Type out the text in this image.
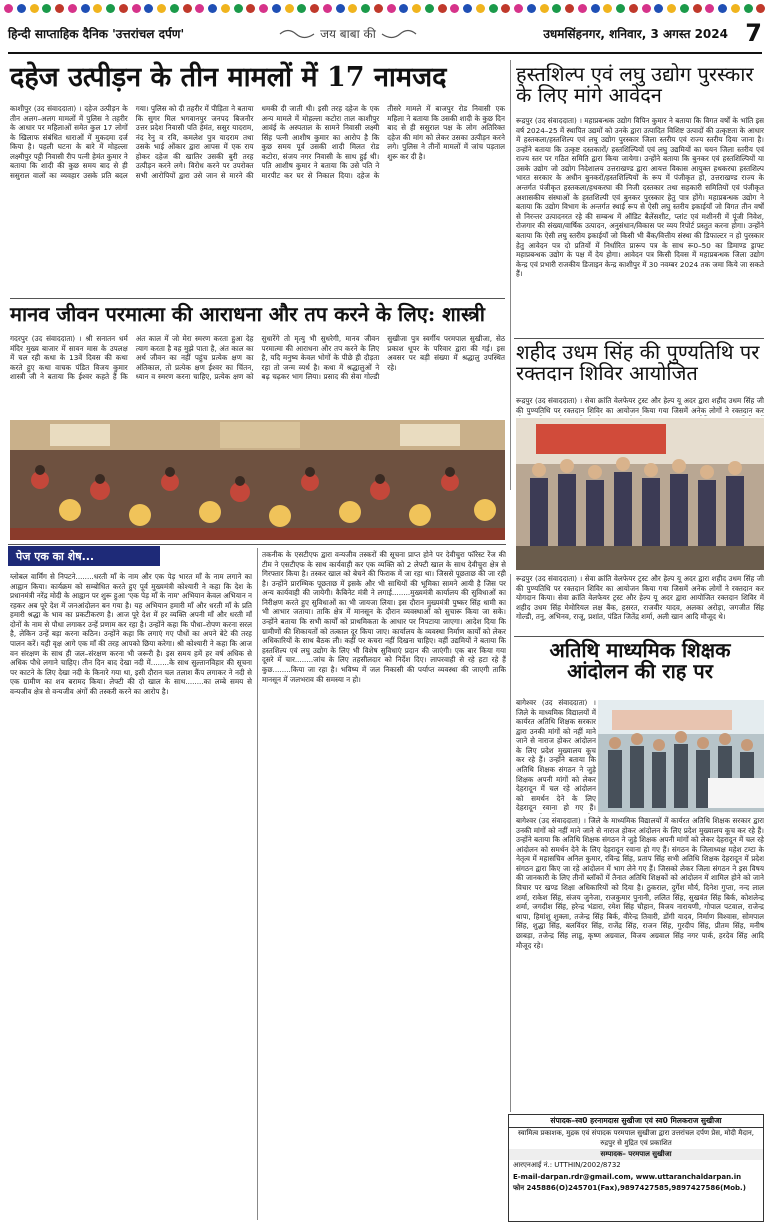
हिन्दी साप्ताहिक दैनिक 'उत्तरांचल दर्पण'	जय बाबा की	उधमसिंहनगर, शनिवार, 3 अगस्त 2024 7
दहेज उत्पीड़न के तीन मामलों में 17 नामजद
काशीपुर (उद संवाददाता) । दहेज उत्पीड़न के तीन अलग–अलग मामलों में पुलिस ने तहरीर के आधार पर महिलाओं समेत कुल 17 लोगों के खिलाफ संबंधित धाराओं में मुकदमा दर्ज किया है। पहली घटना के बारे में मोहल्ला लक्ष्मीपुर पट्टी निवासी रीप पत्नी हेमंत कुमार ने बताया कि शादी की कुछ समय बाद से ही ससुराल वालों का व्यवहार उसके प्रति बदल गया। पुलिस को दी तहरीर में पीड़िता ने बताया कि सुगर मिल भगवानपुर जनपद बिजनौर उत्तर प्रदेश निवासी पति हेमंत, ससुर यादराम, नंद रेनु व रवि, कमलेश पुत्र यादराम तथा उसके भाई ओंकार द्वारा आपस में एक राय होकर दहेज की खातिर उसकी बुरी तरह उत्पीड़न करने लगे। विरोध करने पर उपरोक्त सभी आरोपियों द्वारा उसे जान से मारने की धमकी दी जाती थी। इसी तरह दहेज के एक अन्य मामले में मोहल्ला कटोरा ताल काशीपुर आवंई के अस्पताल के सामने निवासी लक्ष्मी सिंह पत्नी आशीष कुमार का आरोप है कि कुछ समय पूर्व उसकी शादी मिलत रोड कटोरा, संजय नगर निवासी के साथ हुई थी। पति आशीष कुमार ने बताया कि उसे पति ने मारपीट कर घर से निकाल दिया। दहेज के तीसरे मामले में बाजपुर रोड निवासी एक महिला ने बताया कि उसकी शादी के कुछ दिन बाद से ही ससुराल पक्ष के लोग अतिरिक्त दहेज की मांग को लेकर उसका उत्पीड़न करने लगे। पुलिस ने तीनों मामलों में जांच पड़ताल शुरू कर दी है।
हस्तशिल्प एवं लघु उद्योग पुरस्कार के लिए मांगे आवेदन
रूद्रपुर (उद संवाददाता) । महाप्रबन्धक उद्योग विपिन कुमार ने बताया कि विगत वर्षों के भांति इस वर्ष 2024–25 में स्थापित उद्यमों को उनके द्वारा उत्पादित विशिष्ट उत्पादों की उत्कृष्टता के आधार में हस्तकला/हस्तशिल्प एवं लघु उद्योग पुरस्कार जिला स्तरीय एवं राज्य स्तरीय दिया जाना है। उन्होंने बताया कि उत्कृष्ट दस्तकारों/ हस्तशिल्पियों एवं लघु उद्यमियों का चयन जिला स्तरीय एवं राज्य स्तर पर गठित समिति द्वारा किया जायेगा। उन्होंने बताया कि बुनकर एवं हस्तशिल्पियों या उसके उद्योग जो उद्योग निदेशालय उत्तराखण्ड द्वारा आयत्त विकास आयुक्त हथकरघा हस्तशिल्प भारत सरकार के अधीन बुनकरों/हस्तशिल्पियों के रूप में पंजीकृत हो, उत्तराखण्ड राज्य के अन्तर्गत पंजीकृत हस्तकला/हथकरघा की निजी दस्तकार तथा सहकारी समितियों एवं पंजीकृत अशासकीय संस्थाओं के हस्तशिल्पी एवं बुनकर पुरस्कार हेतु पात्र होंगे। महाप्रबन्धक उद्योग ने बताया कि उद्योग विभाग के अन्तर्गत स्थाई रूप से ऐसी लघु स्तरीय इकाईयाँ जो विगत तीन वर्षों से निरन्तर उत्पादनरत रहे की सम्बन्ध में ऑडिट बैलेंसशीट, प्लांट एवं मशीनरी में पूंजी निवेश, रोजगार की संख्या/वार्षिक उत्पादन, अनुसंधान/विकास पर व्यय रिपोर्ट प्रस्तुत करना होगा। उन्होंने बताया कि ऐसी लघु स्तरीय इकाईयाँ जो किसी भी बैंक/वित्तीय संस्था की डिफाल्टर न हो पुरस्कार हेतु आवेदन पत्र दो प्रतियों में निर्धारित प्रारूप पत्र के साथ रू0–50 का डिमाण्ड ड्राफ्ट महाप्रबन्धक उद्योग के पक्ष में देय होगा। आवेदन पत्र किसी दिवस में महाप्रबन्धक जिला उद्योग केन्द्र एवं प्रभारी राजकीय डिजाइन केन्द्र काशीपुर में 30 नवम्बर 2024 तक जमा किये जा सकते हैं।
मानव जीवन परमात्मा की आराधना और तप करने के लिए: शास्त्री
गदरपुर (उद संवाददाता) । श्री सनातन धर्म मंदिर मुख्य बाजार में सावन मास के उपलक्ष में चल रही कथा के 13वें दिवस की कथा करते हुए कथा वाचक पंडित विजय कुमार शास्त्री जी ने बताया कि ईश्वर कहते हैं कि अंत काल में जो मेरा स्मरण करता हुआ देह त्याग करता है वह मुझे पाता है, अंत काल का अर्थ जीवन का नहीं पहुंच प्रत्येक क्षण का अंतिकाल, तो प्रत्येक क्षण ईश्वर का चिंतन, ध्यान व स्मरण करना चाहिए, प्रत्येक क्षण को सुधारेंगे तो मृत्यु भी सुधरेगी, मानव जीवन परमात्मा की आराधना और तप करने के लिए है, यदि मनुष्य केवल भोगों के पीछे ही दौड़ता रहा तो जन्म व्यर्थ है। कथा में श्रद्धालुओं ने बढ़ चढ़कर भाग लिया। प्रसाद की सेवा गोल्डी सुखीजा पुत्र स्वर्गीय परमपाल सुखीजा, सेठ प्रकाश धूपर के परिवार द्वारा की गई। इस अवसर पर बड़ी संख्या में श्रद्धालु उपस्थित रहे।
शहीद उधम सिंह की पुण्यतिथि पर रक्तदान शिविर आयोजित
रूद्रपुर (उद संवाददाता) । सेवा क्रांति वेलफेयर ट्रस्ट और हेल्प यू अदर द्वारा शहीद उधम सिंह जी की पुण्यतिथि पर रक्तदान शिविर का आयोजन किया गया जिसमें अनेक लोगों ने रक्तदान कर
पेज एक का शेष...
ग्लोबल वार्मिंग से निपटने........धरती माँ के नाम और एक पेड़ भारत माँ के नाम लगाने का आह्वान किया। कार्यक्रम को सम्बोधित करते हुए पूर्व मुख्यमंत्री कोश्यारी ने कहा कि देश के प्रधानमंत्री नरेंद्र मोदी के आह्वान पर शुरू हुआ 'एक पेड़ माँ के नाम' अभियान केवल अभियान न रहकर अब पूरे देश में जनआंदोलन बन गया है। यह अभियान हमारी माँ और धरती माँ के प्रति हमारी श्रद्धा के भाव का प्रकटीकरण है। आज पूरे देश में हर व्यक्ति अपनी माँ और धरती माँ दोनों के नाम से पौधा लगाकर उन्हें प्रणाम कर रहा है। उन्होंने कहा कि पौधा–रोपण करना सरल है, लेकिन उन्हें बड़ा करना कठिन। उन्होंने कहा कि लगाएं गए पौधों का अपने बेटे की तरह पालन करें। यही वृक्ष आगे एक माँ की तरह आपको छिया करेगा। श्री कोश्यारी ने कहा कि आज वन संरक्षण के साथ ही जल–संरक्षण करना भी जरूरी है। इस समय हमें हर वर्ष अधिक से अधिक पौधे लगाने चाहिए। तीन दिन बाद देखा नदी में........के साथ सुल्तानविहार की सूचना पर काटने के लिए देखा नदी के किनारे गया था, इसी दौरान चल तलाश कैंप लगाकर ने नदी से एक ग्रामीण का शव बरामद किया। लेफ्टी की दो खाल के साथ........का लम्बे समय से वन्यजीव क्षेत्र से वन्यजीव अंगों की तस्करी करने का आरोप है।
तकनीक के एसटीएफ द्वारा वन्यजीव तस्करों की सूचना प्राप्त होने पर देवीचुरा फॉरेस्ट रेंज की टीम ने एसटीएफ के साथ कार्यवाही कर एक व्यक्ति को 2 लेफ्टी खाल के साथ देवीचुरा क्षेत्र से गिरफ्तार किया है। तस्कर खाल को बेचने की फिराक में जा रहा था। जिससे पूछताछ की जा रही है। उन्होंने प्रारम्भिक पूछताछ में इसके और भी साथियों की भूमिका सामने आयी है जिस पर अन्य कार्यवाही की जायेगी। कैबिनेट मंत्री ने लगाई........मुख्यमंत्री कार्यालय की सुविधाओं का निरीक्षण करते हुए सुविधाओं का भी जायजा लिया। इस दौरान मुख्यमंत्री पुष्कर सिंह धामी का भी आभार जताया। ताकि क्षेत्र में मानसून के दौरान व्यवस्थाओं को सुचारू किया जा सके। उन्होंने बताया कि सभी कार्यों को प्राथमिकता के आधार पर निपटाया जाएगा। आदेश दिया कि ग्रामीणों की शिकायतों को तत्काल दूर किया जाए। कार्यालय के व्यवस्था निर्माण कार्यों को लेकर अधिकारियों के साथ बैठक ली। कहीं पर कचरा नहीं दिखना चाहिए। वहीं उद्यमियों ने बताया कि हस्तशिल्प एवं लघु उद्योग के लिए भी विशेष सुविधाएं प्रदान की जाएंगी। एक बार किया गया दूसरे में चार........जांच के लिए तहसीलदार को निर्देश दिए। लापरवाही से रहे हटा रहे हैं कुछ........किया जा रहा है। भविष्य में जल निकासी की पर्याप्त व्यवस्था की जाएगी ताकि मानसून में जलभराव की समस्या न हो।
रूद्रपुर (उद संवाददाता) । सेवा क्रांति वेलफेयर ट्रस्ट और हेल्प यू अदर द्वारा शहीद उधम सिंह जी की पुण्यतिथि पर रक्तदान शिविर का आयोजन किया गया जिसमें अनेक लोगों ने रक्तदान कर योगदान किया। सेवा क्रांति वेलफेयर ट्रस्ट और हेल्प यू अदर द्वारा आयोजित रक्तदान शिविर में शहीद उधम सिंह मेमोरियल लक्ष बैंक, हसरत, राजवीर यादव, अलका अरोड़ा, जगजीत सिंह गोल्डी, तनु, अभिनव, राजू, प्रशांत, पंडित जितेंद्र शर्मा, अली खान आदि मौजूद थे।
अतिथि माध्यमिक शिक्षक आंदोलन की राह पर
बागेश्वर (उद संवाददाता) । जिले के माध्यमिक विद्यालयों में कार्यरत अतिथि शिक्षक सरकार द्वारा उनकी मांगों को नहीं माने जाने से नाराज होकर आंदोलन के लिए प्रदेश मुख्यालय कूच कर रहे हैं। उन्होंने बताया कि अतिथि शिक्षक संगठन ने जुड़े शिक्षक अपनी मांगों को लेकर देहरादून में चल रहे आंदोलन को समर्थन देने के लिए देहरादून रवाना हो गए हैं।
बागेश्वर (उद संवाददाता) । जिले के माध्यमिक विद्यालयों में कार्यरत अतिथि शिक्षक सरकार द्वारा उनकी मांगों को नहीं माने जाने से नाराज होकर आंदोलन के लिए प्रदेश मुख्यालय कूच कर रहे हैं। उन्होंने बताया कि अतिथि शिक्षक संगठन ने जुड़े शिक्षक अपनी मांगों को लेकर देहरादून में चल रहे आंदोलन को समर्थन देने के लिए देहरादून रवाना हो गए हैं। संगठन के जिलाध्यक्ष महेश टम्टा के नेतृत्व में महासचिव अनिल कुमार, रविन्द्र सिंह, प्रताप सिंह सभी अतिथि शिक्षक देहरादून में प्रदेश संगठन द्वारा किए जा रहे आंदोलन में भाग लेने गए हैं। जिसको लेकर जिला संगठन ने इस विषय की जानकारी के लिए तीनों ब्लॉकों में तैनात अतिथि शिक्षकों को आंदोलन में शामिल होने को जाने विचार पर खण्ड शिक्षा अधिकारियों को दिया है। ठुकराल, दुर्गेश मौर्य, दिनेश गुप्ता, नन्द लाल शर्मा, राकेश सिंह, संजय जुनेजा, राजकुमार पुनानी, ललित सिंह, सुखवंत सिंह बिर्क, कोशलेन्द्र शर्मा, जगदीश सिंह, हरेन्द्र भंडारा, रमेश सिंह चौहान, विजय नारायणी, गोपाल पटवाल, राजेन्द्र थापा, हिमांशु शुक्ला, तजेन्द्र सिंह बिर्क, वीरेन्द्र तिवारी, डोंगी यादव, निर्माण विश्वास, सोमपाल सिंह, शुद्धा सिंह, बलविंदर सिंह, राजेंद्र सिंह, राजन सिंह, गुरदीप सिंह, प्रीतम सिंह, मनीष छाबड़ा, तजेन्द्र सिंह लाडू, कृष्ण अग्रवाल, विजय अग्रवाल सिंह नगर पार्क, हरदेव सिंह आदि मौजूद रहे।
संपादक–स्व0 हरनामदास सुखीजा एवं स्व0 मिलकराज सुखीजा
स्वामित्व प्रकाशक, मुद्रक एवं संपादक परमपाल सुखीजा द्वारा उत्तरांचल दर्पण प्रेस, मोदी मैदान, रुद्रपुर से मुद्रित एवं प्रकाशित
सम्पादक– परमपाल सुखीजा
आरएनआई नं.: UTTHIN/2002/8732
E-mail-darpan.rdr@gmail.com, www.uttaranchaldarpan.in
फोन 245886(O)245701(Fax),9897427585,9897427586(Mob.)
